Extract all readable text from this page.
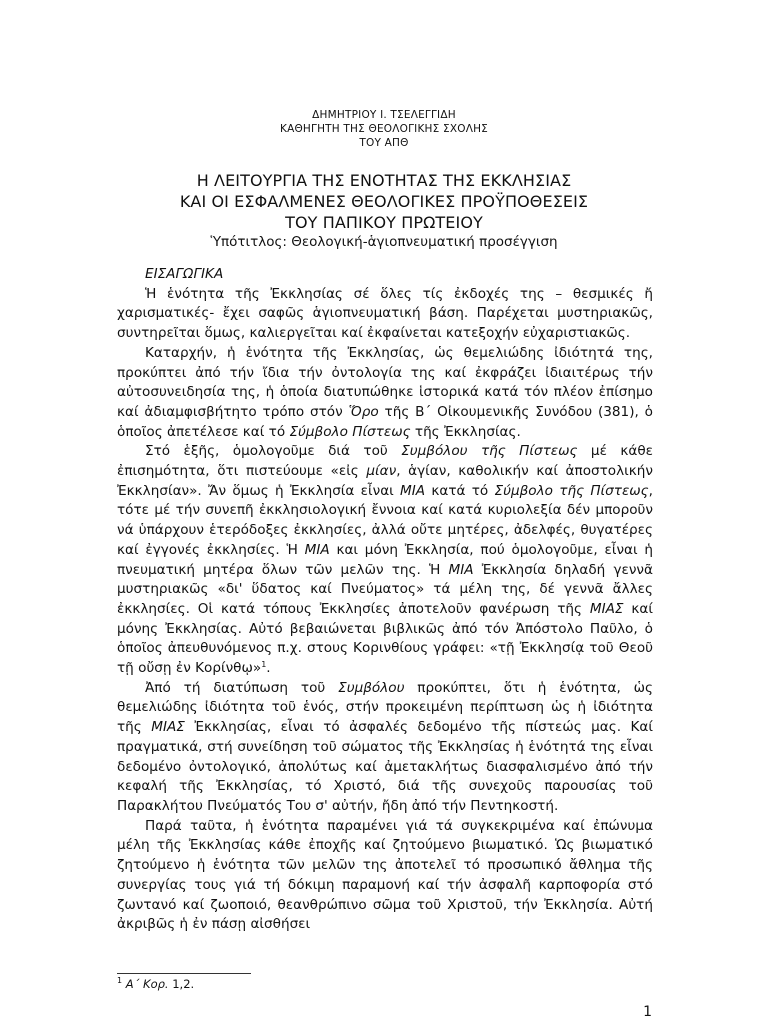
ΔΗΜΗΤΡΙΟΥ Ι. ΤΣΕΛΕΓΓΙΔΗ
ΚΑΘΗΓΗΤΗ ΤΗΣ ΘΕΟΛΟΓΙΚΗΣ ΣΧΟΛΗΣ
ΤΟΥ ΑΠΘ
Η ΛΕΙΤΟΥΡΓΙΑ ΤΗΣ ΕΝΟΤΗΤΑΣ ΤΗΣ ΕΚΚΛΗΣΙΑΣ
ΚΑΙ ΟΙ ΕΣΦΑΛΜΕΝΕΣ ΘΕΟΛΟΓΙΚΕΣ ΠΡΟΫΠΟΘΕΣΕΙΣ
ΤΟΥ ΠΑΠΙΚΟΥ ΠΡΩΤΕΙΟΥ
Ὑπότιτλος: Θεολογική-ἁγιοπνευματική προσέγγιση

ΕΙΣΑΓΩΓΙΚΑ

Ἡ ἑνότητα τῆς Ἐκκλησίας σέ ὅλες τίς ἐκδοχές της – θεσμικές ἤ χαρισματικές- ἔχει σαφῶς ἁγιοπνευματική βάση. Παρέχεται μυστηριακῶς, συντηρεῖται ὅμως, καλιεργεῖται καί ἐκφαίνεται κατεξοχήν εὐχαριστιακῶς.

Καταρχήν, ἡ ἑνότητα τῆς Ἐκκλησίας, ὡς θεμελιώδης ἰδιότητά της, προκύπτει ἀπό τήν ἴδια τήν ὀντολογία της καί ἐκφράζει ἰδιαιτέρως τήν αὐτοσυνειδησία της, ἡ ὁποία διατυπώθηκε ἱστορικά κατά τόν πλέον ἐπίσημο καί ἀδιαμφισβήτητο τρόπο στόν Ὅρο τῆς Β΄ Οἰκουμενικῆς Συνόδου (381), ὁ ὁποῖος ἀπετέλεσε καί τό Σύμβολο Πίστεως τῆς Ἐκκλησίας.

Στό ἑξῆς, ὁμολογοῦμε διά τοῦ Συμβόλου τῆς Πίστεως μέ κάθε ἐπισημότητα, ὅτι πιστεύουμε «εἰς μίαν, ἁγίαν, καθολικήν καί ἀποστολικήν Ἐκκλησίαν». Ἄν ὅμως ἡ Ἐκκλησία εἶναι ΜΙΑ κατά τό Σύμβολο τῆς Πίστεως, τότε μέ τήν συνεπῆ ἐκκλησιολογική ἔννοια καί κατά κυριολεξία δέν μποροῦν νά ὑπάρχουν ἑτερόδοξες ἐκκλησίες, ἀλλά οὔτε μητέρες, ἀδελφές, θυγατέρες καί ἐγγονές ἐκκλησίες. Ἡ ΜΙΑ και μόνη Ἐκκλησία, πού ὁμολογοῦμε, εἶναι ἡ πνευματική μητέρα ὅλων τῶν μελῶν της. Ἡ ΜΙΑ Ἐκκλησία δηλαδή γεννᾶ μυστηριακῶς «δι' ὕδατος καί Πνεύματος» τά μέλη της, δέ γεννᾶ ἄλλες ἐκκλησίες. Οἱ κατά τόπους Ἐκκλησίες ἀποτελοῦν φανέρωση τῆς ΜΙΑΣ καί μόνης Ἐκκλησίας. Αὐτό βεβαιώνεται βιβλικῶς ἀπό τόν Ἀπόστολο Παῦλο, ὁ ὁποῖος ἀπευθυνόμενος π.χ. στους Κορινθίους γράφει: «τῇ Ἐκκλησίᾳ τοῦ Θεοῦ τῇ οὔσῃ ἐν Κορίνθῳ»$^1$.

Ἀπό τή διατύπωση τοῦ Συμβόλου προκύπτει, ὅτι ἡ ἑνότητα, ὡς θεμελιώδης ἰδιότητα τοῦ ἑνός, στήν προκειμένη περίπτωση ὡς ἡ ἰδιότητα τῆς ΜΙΑΣ Ἐκκλησίας, εἶναι τό ἀσφαλές δεδομένο τῆς πίστεώς μας. Καί πραγματικά, στή συνείδηση τοῦ σώματος τῆς Ἐκκλησίας ἡ ἑνότητά της εἶναι δεδομένο ὀντολογικό, ἀπολύτως καί ἀμετακλήτως διασφαλισμένο ἀπό τήν κεφαλή τῆς Ἐκκλησίας, τό Χριστό, διά τῆς συνεχοῦς παρουσίας τοῦ Παρακλήτου Πνεύματός Του σ' αὐτήν, ἤδη ἀπό τήν Πεντηκοστή.

Παρά ταῦτα, ἡ ἑνότητα παραμένει γιά τά συγκεκριμένα καί ἐπώνυμα μέλη τῆς Ἐκκλησίας κάθε ἐποχῆς καί ζητούμενο βιωματικό. Ὡς βιωματικό ζητούμενο ἡ ἑνότητα τῶν μελῶν της ἀποτελεῖ τό προσωπικό ἄθλημα τῆς συνεργίας τους γιά τή δόκιμη παραμονή καί τήν ἀσφαλῆ καρποφορία στό ζωντανό καί ζωοποιό, θεανθρώπινο σῶμα τοῦ Χριστοῦ, τήν Ἐκκλησία. Αὐτή ἀκριβῶς ἡ ἐν πάσῃ αἰσθήσει

$^1$ Α΄ Κορ. 1,2.
1
